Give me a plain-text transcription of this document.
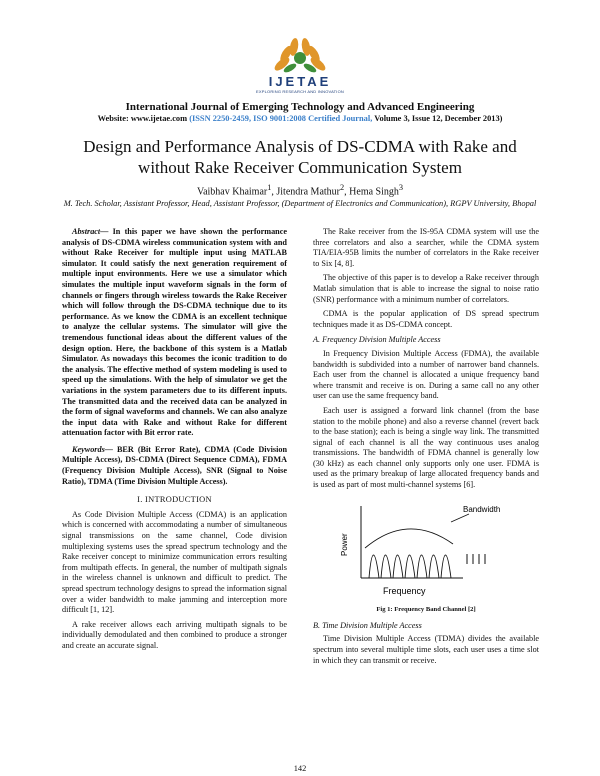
IJETAE
EXPLORING RESEARCH AND INNOVATION
International Journal of Emerging Technology and Advanced Engineering
Website: www.ijetae.com (ISSN 2250-2459, ISO 9001:2008 Certified Journal, Volume 3, Issue 12, December 2013)
Design and Performance Analysis of DS-CDMA with Rake and
without Rake Receiver Communication System
Vaibhav Khaimar$^1$, Jitendra Mathur$^2$, Hema Singh$^3$
M. Tech. Scholar, Assistant Professor, Head, Assistant Professor, (Department of Electronics and Communication), RGPV University, Bhopal

Abstract— In this paper we have shown the performance analysis of DS-CDMA wireless communication system with and without Rake Receiver for multiple input using MATLAB simulator. It could satisfy the next generation requirement of multiple input environments. Here we use a simulator which simulates the multiple input waveform signals in the form of channels or fingers through wireless towards the Rake Receiver which will follow through the DS-CDMA technique due to its performance. As we know the CDMA is an excellent technique to analyze the cellular systems. The simulator will give the tremendous functional ideas about the different values of the design option. Here, the backbone of this system is a Matlab Simulator. As nowadays this becomes the iconic tradition to do the analysis. The effective method of system modeling is used to speed up the simulations. With the help of simulator we get the variations in the system parameters due to its different inputs. The transmitted data and the received data can be analyzed in the form of signal waveforms and channels. We can also analyze the input data with Rake and without Rake for different attenuation factor with Bit error rate.

Keywords— BER (Bit Error Rate), CDMA (Code Division Multiple Access), DS-CDMA (Direct Sequence CDMA), FDMA (Frequency Division Multiple Access), SNR (Signal to Noise Ratio), TDMA (Time Division Multiple Access).

I. INTRODUCTION

As Code Division Multiple Access (CDMA) is an application which is concerned with accommodating a number of simultaneous signal transmissions on the same channel, Code division multiplexing systems uses the spread spectrum technology and the Rake receiver concept to minimize communication errors resulting from multipath effects. In general, the number of multipath signals in the wireless channel is unknown and difficult to predict. The spread spectrum technology designs to spread the information signal over a wider bandwidth to make jamming and interception more difficult [1, 12].

A rake receiver allows each arriving multipath signals to be individually demodulated and then combined to produce a stronger and create an accurate signal.

The Rake receiver from the IS-95A CDMA system will use the three correlators and also a searcher, while the CDMA system TIA/EIA-95B limits the number of correlators in the Rake receiver to Six [4, 8].

The objective of this paper is to develop a Rake receiver through Matlab simulation that is able to increase the signal to noise ratio (SNR) performance with a minimum number of correlators.

CDMA is the popular application of DS spread spectrum techniques made it as DS-CDMA concept.

A. Frequency Division Multiple Access

In Frequency Division Multiple Access (FDMA), the available bandwidth is subdivided into a number of narrower band channels. Each user from the channel is allocated a unique frequency band where transmit and receive is on. During a same call no any other user can use the same frequency band.

Each user is assigned a forward link channel (from the base station to the mobile phone) and also a reverse channel (revert back to the base station); each is being a single way link. The transmitted signal of each channel is all the way continuous uses analog transmissions. The bandwidth of FDMA channel is generally low (30 kHz) as each channel only supports only one user. FDMA is used as the primary breakup of large allocated frequency bands and is used as part of most multi-channel systems [6].

Bandwidth
Power
Frequency
Fig 1: Frequency Band Channel [2]
B. Time Division Multiple Access

Time Division Multiple Access (TDMA) divides the available spectrum into several multiple time slots, each user uses a time slot in which they can transmit or receive.

142
